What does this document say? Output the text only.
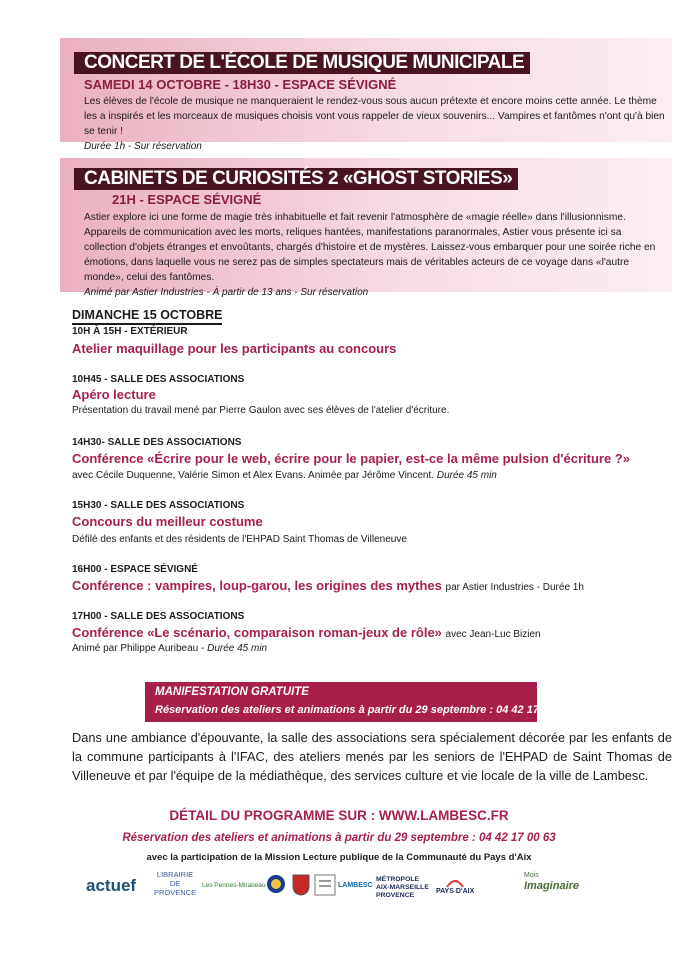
CONCERT DE L'ÉCOLE DE MUSIQUE MUNICIPALE
SAMEDI 14 OCTOBRE - 18H30 - ESPACE SÉVIGNÉ
Les élèves de l'école de musique ne manqueraient le rendez-vous sous aucun prétexte et encore moins cette année. Le thème les a inspirés et les morceaux de musiques choisis vont vous rappeler de vieux souvenirs... Vampires et fantômes n'ont qu'à bien se tenir !
Durée 1h - Sur réservation
CABINETS DE CURIOSITÉS 2 «GHOST STORIES»
21H - ESPACE SÉVIGNÉ
Astier explore ici une forme de magie très inhabituelle et fait revenir l'atmosphère de «magie réelle» dans l'illusionnisme. Appareils de communication avec les morts, reliques hantées, manifestations paranormales, Astier vous présente ici sa collection d'objets étranges et envoûtants, chargés d'histoire et de mystères. Laissez-vous embarquer pour une soirée riche en émotions, dans laquelle vous ne serez pas de simples spectateurs mais de véritables acteurs de ce voyage dans «l'autre monde», celui des fantômes.
Animé par Astier Industries - À partir de 13 ans - Sur réservation
DIMANCHE 15 OCTOBRE
10H À 15H - EXTÉRIEUR
Atelier maquillage pour les participants au concours
10H45 - SALLE DES ASSOCIATIONS
Apéro lecture
Présentation du travail mené par Pierre Gaulon avec ses élèves de l'atelier d'écriture.
14H30- SALLE DES ASSOCIATIONS
Conférence «Écrire pour le web, écrire pour le papier, est-ce la même pulsion d'écriture ?»
avec Cécile Duquenne, Valérie Simon et Alex Evans. Animée par Jérôme Vincent. Durée 45 min
15H30 - SALLE DES ASSOCIATIONS
Concours du meilleur costume
Défilé des enfants et des résidents de l'EHPAD Saint Thomas de Villeneuve
16H00 - ESPACE SÉVIGNÉ
Conférence : vampires, loup-garou, les origines des mythes par Astier Industries - Durée 1h
17H00 - SALLE DES ASSOCIATIONS
Conférence «Le scénario, comparaison roman-jeux de rôle» avec Jean-Luc Bizien
Animé par Philippe Auribeau - Durée 45 min
MANIFESTATION GRATUITE
Réservation des ateliers et animations à partir du 29 septembre : 04 42 17 00 63
Dans une ambiance d'épouvante, la salle des associations sera spécialement décorée par les enfants de la commune participants à l'IFAC, des ateliers menés par les seniors de l'EHPAD de Saint Thomas de Villeneuve et par l'équipe de la médiathèque, des services culture et vie locale de la ville de Lambesc.
DÉTAIL DU PROGRAMME SUR : WWW.LAMBESC.FR
Réservation des ateliers et animations à partir du 29 septembre : 04 42 17 00 63
avec la participation de la Mission Lecture publique de la Communauté du Pays d'Aix
actuef
LIBRAIRIE
DE
PROVENCE
Les Pennes-Mirabeau	LAMBESC
MÉTROPOLE
AIX-MARSEILLE
PROVENCE
PAYS D'AIX
Mois
Imaginaire
